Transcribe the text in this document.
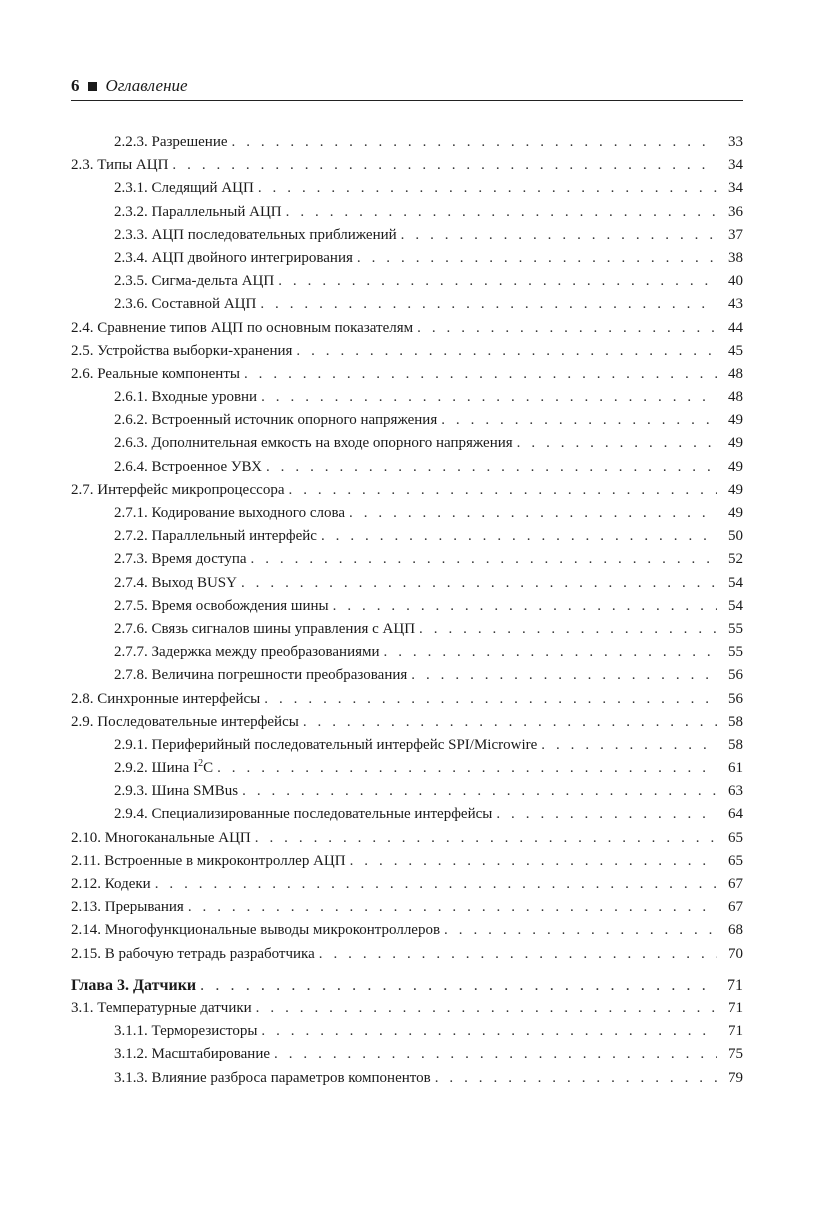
6 Оглавление
2.2.3. Разрешение . . .	33
2.3. Типы АЦП . . .	34
2.3.1. Следящий АЦП . . .	34
2.3.2. Параллельный АЦП . . .	36
2.3.3. АЦП последовательных приближений . . .	37
2.3.4. АЦП двойного интегрирования . . .	38
2.3.5. Сигма-дельта АЦП . . .	40
2.3.6. Составной АЦП . . .	43
2.4. Сравнение типов АЦП по основным показателям . . .	44
2.5. Устройства выборки-хранения . . .	45
2.6. Реальные компоненты . . .	48
2.6.1. Входные уровни . . .	48
2.6.2. Встроенный источник опорного напряжения . . .	49
2.6.3. Дополнительная емкость на входе опорного напряжения . . .	49
2.6.4. Встроенное УВХ . . .	49
2.7. Интерфейс микропроцессора . . .	49
2.7.1. Кодирование выходного слова . . .	49
2.7.2. Параллельный интерфейс . . .	50
2.7.3. Время доступа . . .	52
2.7.4. Выход BUSY . . .	54
2.7.5. Время освобождения шины . . .	54
2.7.6. Связь сигналов шины управления с АЦП . . .	55
2.7.7. Задержка между преобразованиями . . .	55
2.7.8. Величина погрешности преобразования . . .	56
2.8. Синхронные интерфейсы . . .	56
2.9. Последовательные интерфейсы . . .	58
2.9.1. Периферийный последовательный интерфейс SPI/Microwire . . .	58
2.9.2. Шина $I^2C$ . . .	61
2.9.3. Шина SMBus . . .	63
2.9.4. Специализированные последовательные интерфейсы . . .	64
2.10. Многоканальные АЦП . . .	65
2.11. Встроенные в микроконтроллер АЦП . . .	65
2.12. Кодеки . . .	67
2.13. Прерывания . . .	67
2.14. Многофункциональные выводы микроконтроллеров . . .	68
2.15. В рабочую тетрадь разработчика . . .	70
Глава 3. Датчики . . .	71
3.1. Температурные датчики . . .	71
3.1.1. Терморезисторы . . .	71
3.1.2. Масштабирование . . .	75
3.1.3. Влияние разброса параметров компонентов . . .	79
